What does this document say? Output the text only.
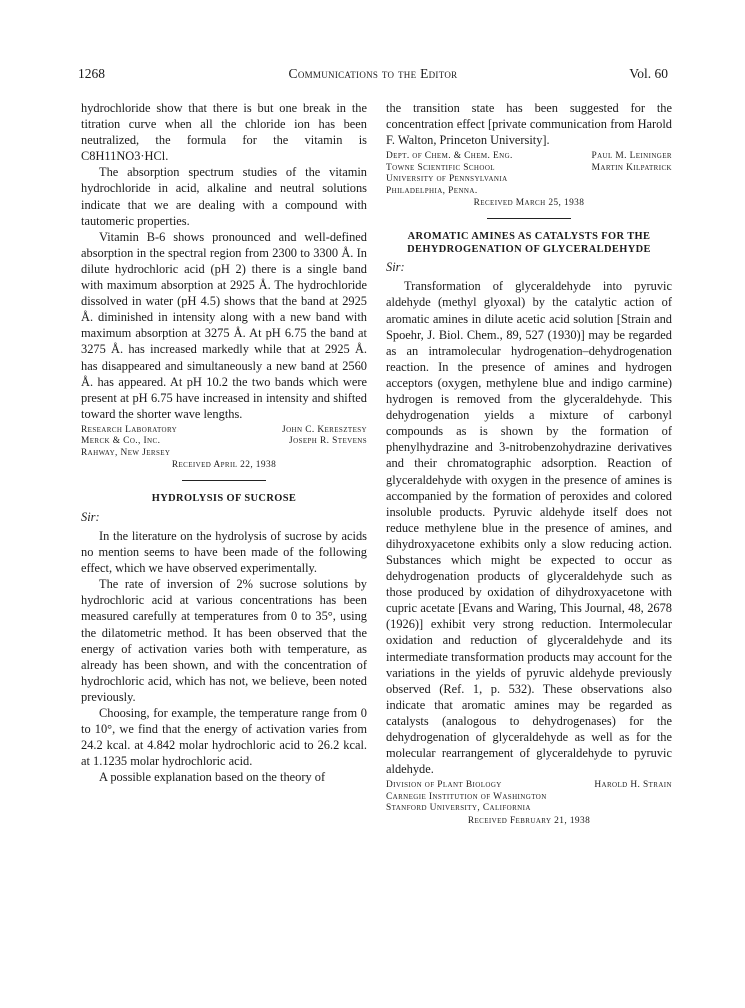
1268	Communications to the Editor	Vol. 60

hydrochloride show that there is but one break in the titration curve when all the chloride ion has been neutralized, the formula for the vitamin is C8H11NO3·HCl.

The absorption spectrum studies of the vitamin hydrochloride in acid, alkaline and neutral solutions indicate that we are dealing with a compound with tautomeric properties.

Vitamin B-6 shows pronounced and well-defined absorption in the spectral region from 2300 to 3300 Å. In dilute hydrochloric acid (pH 2) there is a single band with maximum absorption at 2925 Å. The hydrochloride dissolved in water (pH 4.5) shows that the band at 2925 Å. diminished in intensity along with a new band with maximum absorption at 3275 Å. At pH 6.75 the band at 3275 Å. has increased markedly while that at 2925 Å. has disappeared and simultaneously a new band at 2560 Å. has appeared. At pH 10.2 the two bands which were present at pH 6.75 have increased in intensity and shifted toward the shorter wave lengths.

Research Laboratory
Merck & Co., Inc.
Rahway, New Jersey
John C. Keresztesy
Joseph R. Stevens
Received April 22, 1938
HYDROLYSIS OF SUCROSE
Sir:

In the literature on the hydrolysis of sucrose by acids no mention seems to have been made of the following effect, which we have observed experimentally.

The rate of inversion of 2% sucrose solutions by hydrochloric acid at various concentrations has been measured carefully at temperatures from 0 to 35°, using the dilatometric method. It has been observed that the energy of activation varies both with temperature, as already has been shown, and with the concentration of hydrochloric acid, which has not, we believe, been noted previously.

Choosing, for example, the temperature range from 0 to 10°, we find that the energy of activation varies from 24.2 kcal. at 4.842 molar hydrochloric acid to 26.2 kcal. at 1.1235 molar hydrochloric acid.

A possible explanation based on the theory of

the transition state has been suggested for the concentration effect [private communication from Harold F. Walton, Princeton University].

Dept. of Chem. & Chem. Eng.
Towne Scientific School
University of Pennsylvania
Philadelphia, Penna.
Paul M. Leininger
Martin Kilpatrick
Received March 25, 1938
AROMATIC AMINES AS CATALYSTS FOR THE
DEHYDROGENATION OF GLYCERALDEHYDE
Sir:

Transformation of glyceraldehyde into pyruvic aldehyde (methyl glyoxal) by the catalytic action of aromatic amines in dilute acetic acid solution [Strain and Spoehr, J. Biol. Chem., 89, 527 (1930)] may be regarded as an intramolecular hydrogenation–dehydrogenation reaction. In the presence of amines and hydrogen acceptors (oxygen, methylene blue and indigo carmine) hydrogen is removed from the glyceraldehyde. This dehydrogenation yields a mixture of carbonyl compounds as is shown by the formation of phenylhydrazine and 3-nitrobenzohydrazine derivatives and their chromatographic adsorption. Reaction of glyceraldehyde with oxygen in the presence of amines is accompanied by the formation of peroxides and colored insoluble products. Pyruvic aldehyde itself does not reduce methylene blue in the presence of amines, and dihydroxyacetone exhibits only a slow reducing action. Substances which might be expected to occur as dehydrogenation products of glyceraldehyde such as those produced by oxidation of dihydroxyacetone with cupric acetate [Evans and Waring, This Journal, 48, 2678 (1926)] exhibit very strong reduction. Intermolecular oxidation and reduction of glyceraldehyde and its intermediate transformation products may account for the variations in the yields of pyruvic aldehyde previously observed (Ref. 1, p. 532). These observations also indicate that aromatic amines may be regarded as catalysts (analogous to dehydrogenases) for the dehydrogenation of glyceraldehyde as well as for the molecular rearrangement of glyceraldehyde to pyruvic aldehyde.

Division of Plant Biology
Carnegie Institution of Washington
Stanford University, California
Harold H. Strain
Received February 21, 1938
